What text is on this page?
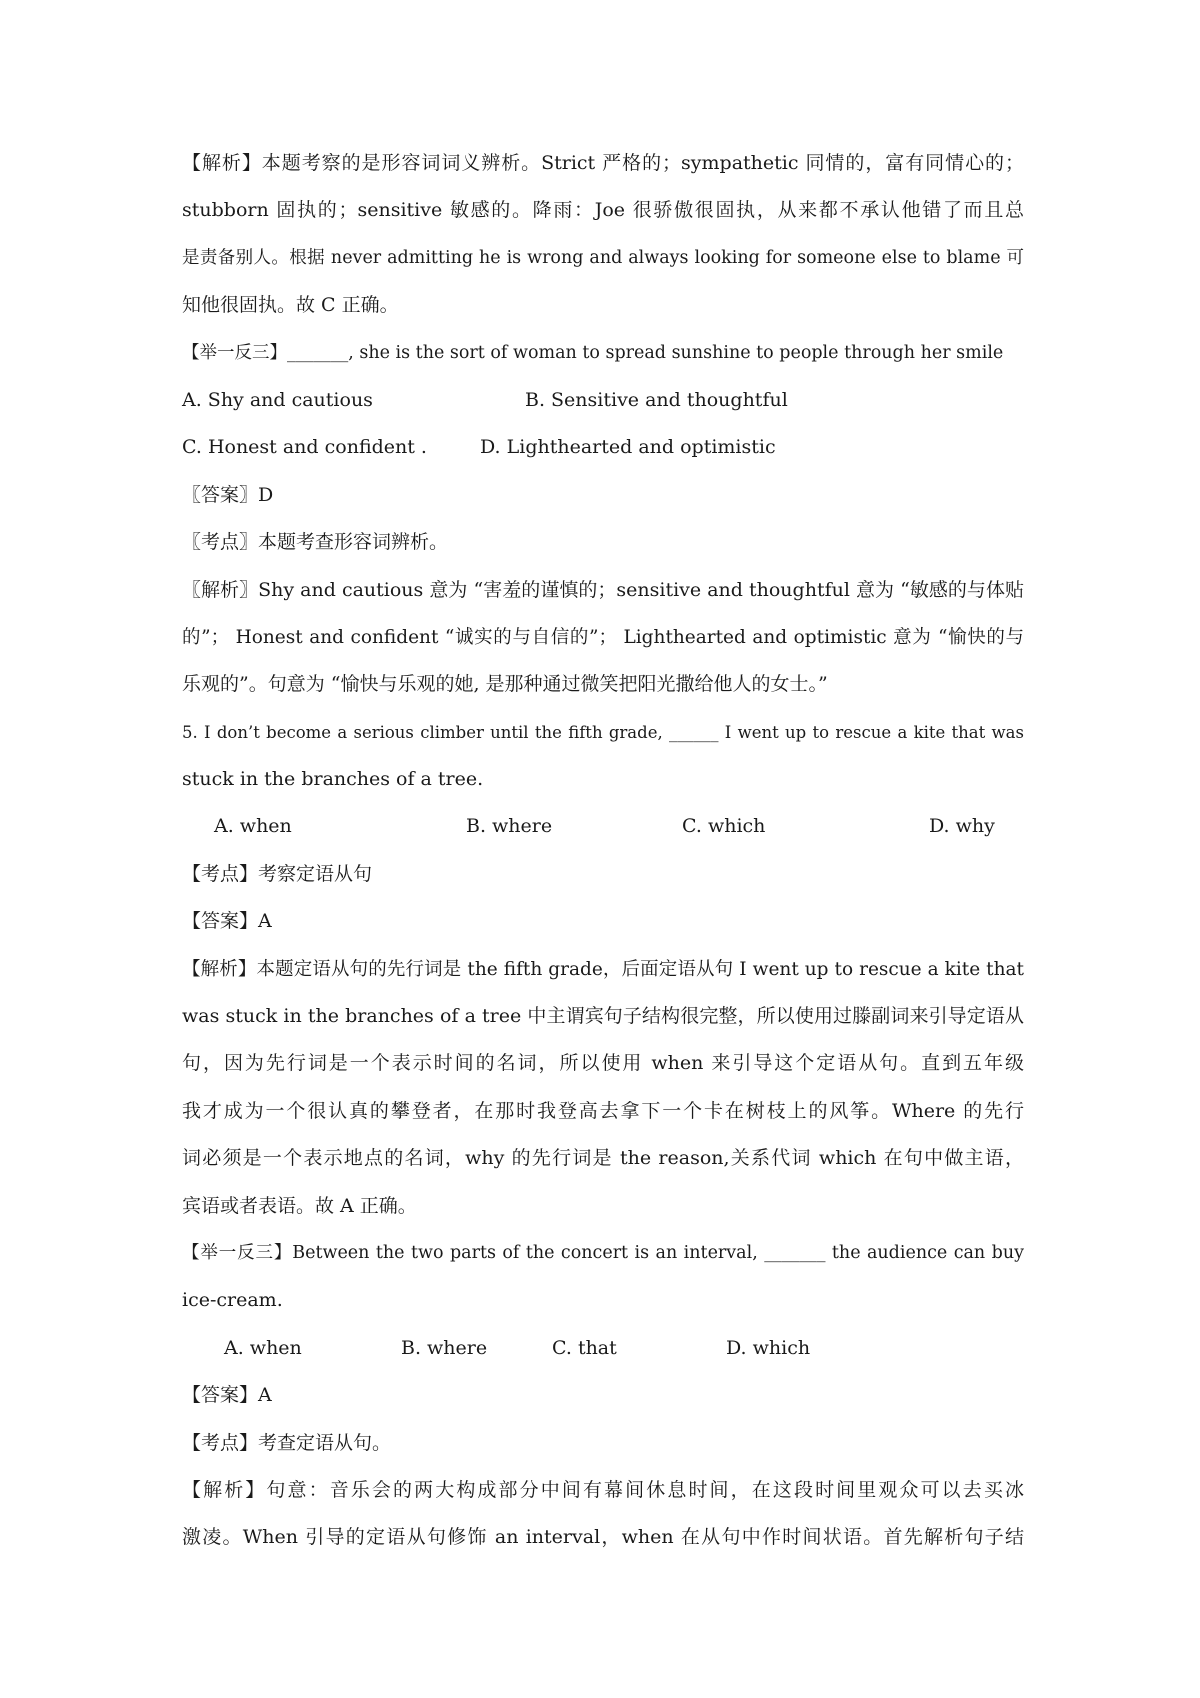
【解析】本题考察的是形容词词义辨析。Strict 严格的；sympathetic 同情的，富有同情心的；
stubborn 固执的；sensitive 敏感的。降雨：Joe 很骄傲很固执，从来都不承认他错了而且总
是责备别人。根据 never admitting he is wrong and always looking for someone else to blame 可
知他很固执。故 C 正确。
【举一反三】_______, she is the sort of woman to spread sunshine to people through her smile
A. Shy and cautious	B. Sensitive and thoughtful
C. Honest and confident .	D. Lighthearted and optimistic
〖答案〗D
〖考点〗本题考查形容词辨析。
〖解析〗Shy and cautious 意为 “害羞的谨慎的；sensitive and thoughtful 意为 “敏感的与体贴
的”； Honest and confident “诚实的与自信的”； Lighthearted and optimistic 意为 “愉快的与
乐观的”。句意为 “愉快与乐观的她, 是那种通过微笑把阳光撒给他人的女士。”
5. I don’t become a serious climber until the fifth grade, ______ I went up to rescue a kite that was
stuck in the branches of a tree.
A. when	B. where	C. which	D. why
【考点】考察定语从句
【答案】A
【解析】本题定语从句的先行词是 the fifth grade，后面定语从句 I went up to rescue a kite that
was stuck in the branches of a tree 中主谓宾句子结构很完整，所以使用过滕副词来引导定语从
句，因为先行词是一个表示时间的名词，所以使用 when 来引导这个定语从句。直到五年级
我才成为一个很认真的攀登者，在那时我登高去拿下一个卡在树枝上的风筝。Where 的先行
词必须是一个表示地点的名词，why 的先行词是 the reason,关系代词 which 在句中做主语，
宾语或者表语。故 A 正确。
【举一反三】Between the two parts of the concert is an interval, _______ the audience can buy
ice-cream.
A. when	B. where	C. that	D. which
【答案】A
【考点】考查定语从句。
【解析】句意：音乐会的两大构成部分中间有幕间休息时间，在这段时间里观众可以去买冰
激凌。When 引导的定语从句修饰 an interval，when 在从句中作时间状语。首先解析句子结
